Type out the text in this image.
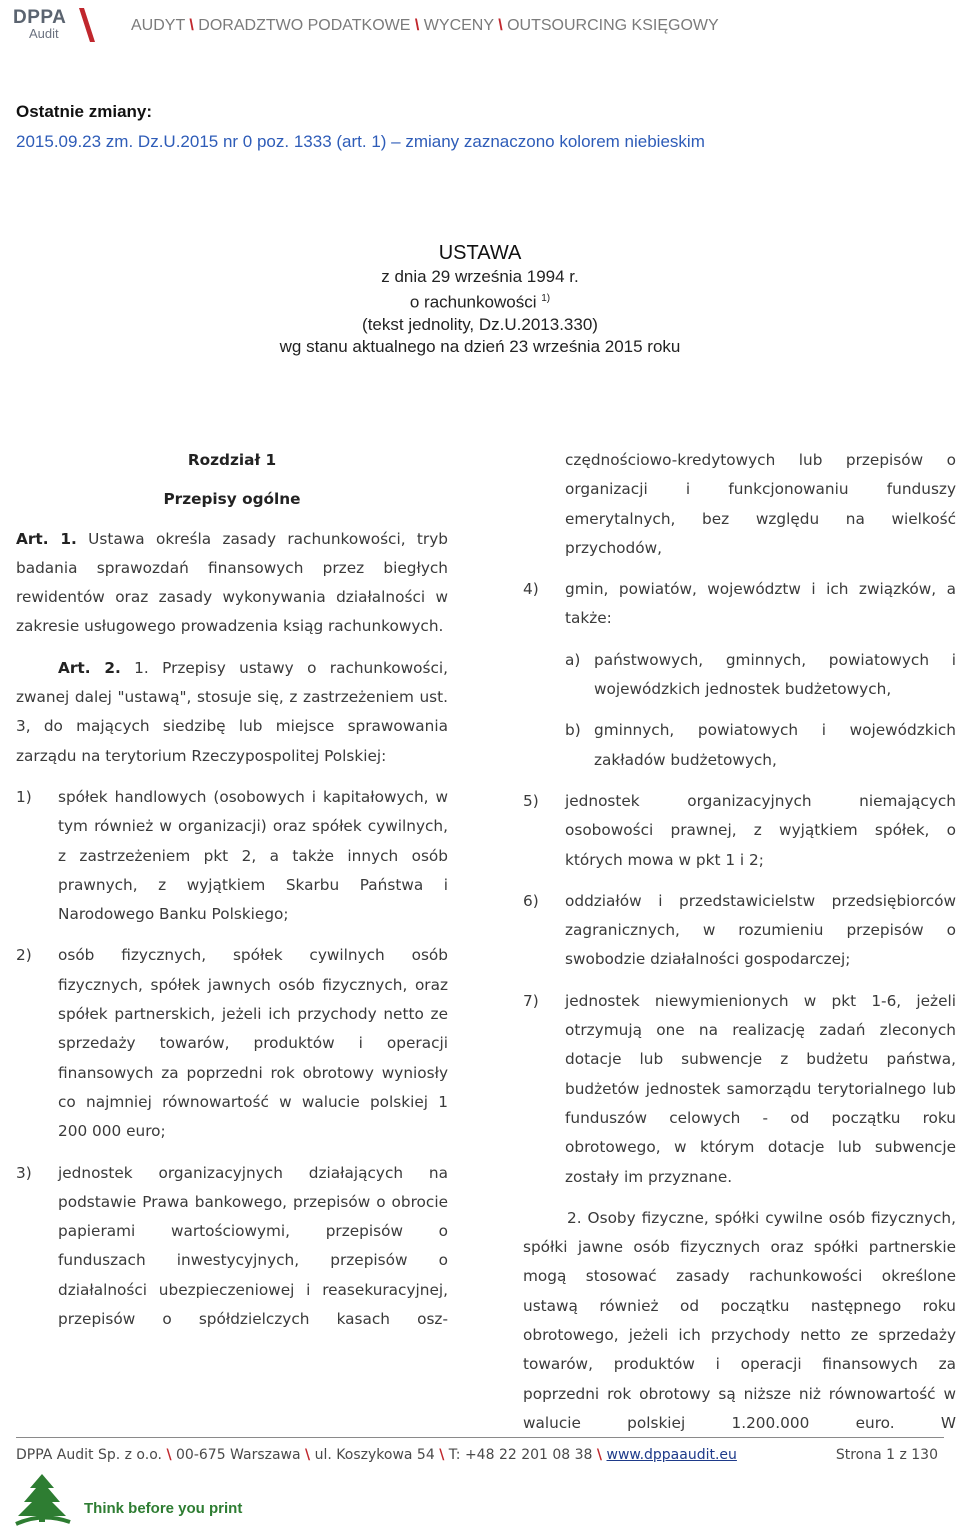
DPPA
Audit	AUDYT \ DORADZTWO PODATKOWE \ WYCENY \ OUTSOURCING KSIĘGOWY
Ostatnie zmiany:
2015.09.23 zm. Dz.U.2015 nr 0 poz. 1333 (art. 1) – zmiany zaznaczono kolorem niebieskim
USTAWA
z dnia 29 września 1994 r.
o rachunkowości $^{1)}$
(tekst jednolity, Dz.U.2013.330)
wg stanu aktualnego na dzień 23 września 2015 roku

Rozdział 1

Przepisy ogólne

Art. 1. Ustawa określa zasady rachunkowości, tryb badania sprawozdań finansowych przez biegłych rewidentów oraz zasady wykonywania działalności w zakresie usługowego prowadzenia ksiąg rachunkowych.

Art. 2. 1. Przepisy ustawy o rachunkowości, zwanej dalej "ustawą", stosuje się, z zastrzeżeniem ust. 3, do mających siedzibę lub miejsce sprawowania zarządu na terytorium Rzeczypospolitej Polskiej:

1) spółek handlowych (osobowych i kapitałowych, w tym również w organizacji) oraz spółek cywilnych, z zastrzeżeniem pkt 2, a także innych osób prawnych, z wyjątkiem Skarbu Państwa i Narodowego Banku Polskiego;

2) osób fizycznych, spółek cywilnych osób fizycznych, spółek jawnych osób fizycznych, oraz spółek partnerskich, jeżeli ich przychody netto ze sprzedaży towarów, produktów i operacji finansowych za poprzedni rok obrotowy wyniosły co najmniej równowartość w walucie polskiej 1 200 000 euro;

3) jednostek organizacyjnych działających na podstawie Prawa bankowego, przepisów o obrocie papierami wartościowymi, przepisów o funduszach inwestycyjnych, przepisów o działalności ubezpieczeniowej i reasekuracyjnej, przepisów o spółdzielczych kasach osz-

czędnościowo-kredytowych lub przepisów o organizacji i funkcjonowaniu funduszy emerytalnych, bez względu na wielkość przychodów,

4) gmin, powiatów, województw i ich związków, a także:

a) państwowych, gminnych, powiatowych i wojewódzkich jednostek budżetowych,

b) gminnych, powiatowych i wojewódzkich zakładów budżetowych,

5) jednostek organizacyjnych niemających osobowości prawnej, z wyjątkiem spółek, o których mowa w pkt 1 i 2;

6) oddziałów i przedstawicielstw przedsiębiorców zagranicznych, w rozumieniu przepisów o swobodzie działalności gospodarczej;

7) jednostek niewymienionych w pkt 1-6, jeżeli otrzymują one na realizację zadań zleconych dotacje lub subwencje z budżetu państwa, budżetów jednostek samorządu terytorialnego lub funduszów celowych - od początku roku obrotowego, w którym dotacje lub subwencje zostały im przyznane.

2. Osoby fizyczne, spółki cywilne osób fizycznych, spółki jawne osób fizycznych oraz spółki partnerskie mogą stosować zasady rachunkowości określone ustawą również od początku następnego roku obrotowego, jeżeli ich przychody netto ze sprzedaży towarów, produktów i operacji finansowych za poprzedni rok obrotowy są niższe niż równowartość w walucie polskiej 1.200.000 euro. W

DPPA Audit Sp. z o.o. \ 00-675 Warszawa \ ul. Koszykowa 54 \ T: +48 22 201 08 38 \ www.dppaaudit.eu	Strona 1 z 130
Think before you print
